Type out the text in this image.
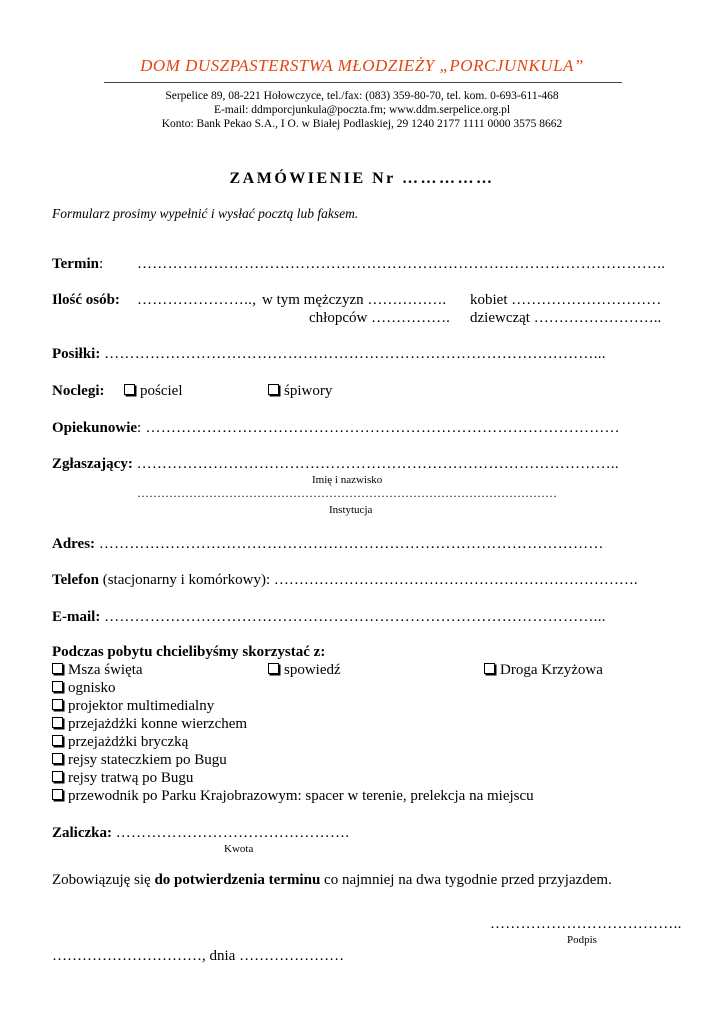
DOM DUSZPASTERSTWA MŁODZIEŻY „PORCJUNKULA”
Serpelice 89, 08-221 Hołowczyce, tel./fax: (083) 359-80-70, tel. kom. 0-693-611-468
E-mail: ddmporcjunkula@poczta.fm; www.ddm.serpelice.org.pl
Konto: Bank Pekao S.A., I O. w Białej Podlaskiej, 29 1240 2177 1111 0000 3575 8662
ZAMÓWIENIE Nr ……………
Formularz prosimy wypełnić i wysłać pocztą lub faksem.
Termin: …………………………………………………………………………………………..
Ilość osób: ………………….., w tym mężczyzn ……………. kobiet …………………………
chłopców ……………. dziewcząt ……………………..
Posiłki: ……………………………………………………………………………………...
Noclegi:	pościel	śpiwory
Opiekunowie: …………………………………………………………………………………
Zgłaszający: …………………………………………………………………………………..
Imię i nazwisko
……………………………………………………………………………………………
Instytucja
Adres: ………………………………………………………………………………………
Telefon (stacjonarny i komórkowy): ……………………………………………………………….
E-mail: ……………………………………………………………………………………...
Podczas pobytu chcielibyśmy skorzystać z:
Msza święta	spowiedź	Droga Krzyżowa
ognisko
projektor multimedialny
przejażdżki konne wierzchem
przejażdżki bryczką
rejsy stateczkiem po Bugu
rejsy tratwą po Bugu
przewodnik po Parku Krajobrazowym: spacer w terenie, prelekcja na miejscu
Zaliczka: ……………………………………….
Kwota
Zobowiązuję się do potwierdzenia terminu co najmniej na dwa tygodnie przed przyjazdem.
………………………………..
Podpis
…………………………, dnia …………………
